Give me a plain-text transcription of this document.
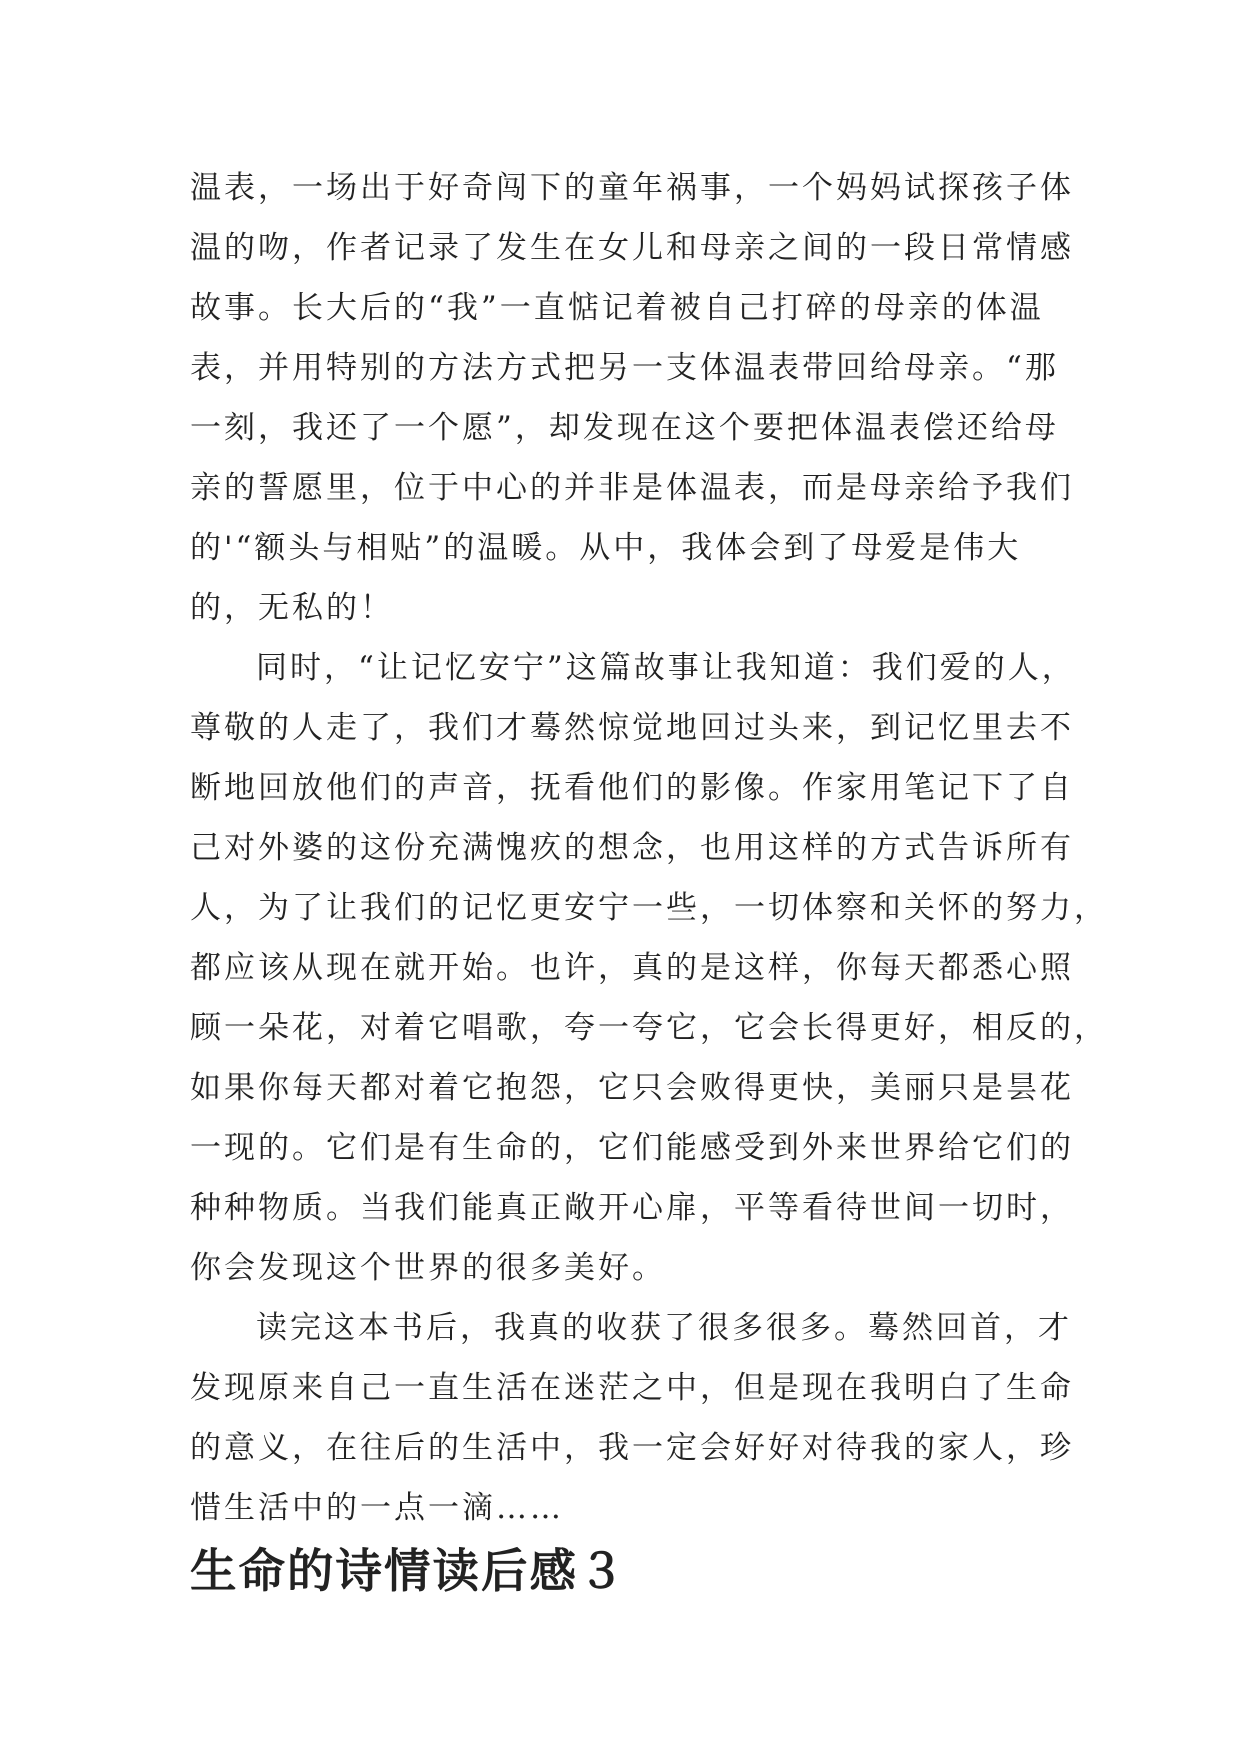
温表，一场出于好奇闯下的童年祸事，一个妈妈试探孩子体
温的吻，作者记录了发生在女儿和母亲之间的一段日常情感
故事。长大后的“我”一直惦记着被自己打碎的母亲的体温
表，并用特别的方法方式把另一支体温表带回给母亲。“那
一刻，我还了一个愿”，却发现在这个要把体温表偿还给母
亲的誓愿里，位于中心的并非是体温表，而是母亲给予我们
的'“额头与相贴”的温暖。从中，我体会到了母爱是伟大
的，无私的！

同时，“让记忆安宁”这篇故事让我知道：我们爱的人，
尊敬的人走了，我们才蓦然惊觉地回过头来，到记忆里去不
断地回放他们的声音，抚看他们的影像。作家用笔记下了自
己对外婆的这份充满愧疚的想念，也用这样的方式告诉所有
人，为了让我们的记忆更安宁一些，一切体察和关怀的努力，
都应该从现在就开始。也许，真的是这样，你每天都悉心照
顾一朵花，对着它唱歌，夸一夸它，它会长得更好，相反的，
如果你每天都对着它抱怨，它只会败得更快，美丽只是昙花
一现的。它们是有生命的，它们能感受到外来世界给它们的
种种物质。当我们能真正敞开心扉，平等看待世间一切时，
你会发现这个世界的很多美好。

读完这本书后，我真的收获了很多很多。蓦然回首，才
发现原来自己一直生活在迷茫之中，但是现在我明白了生命
的意义，在往后的生活中，我一定会好好对待我的家人，珍
惜生活中的一点一滴……

生命的诗情读后感３
